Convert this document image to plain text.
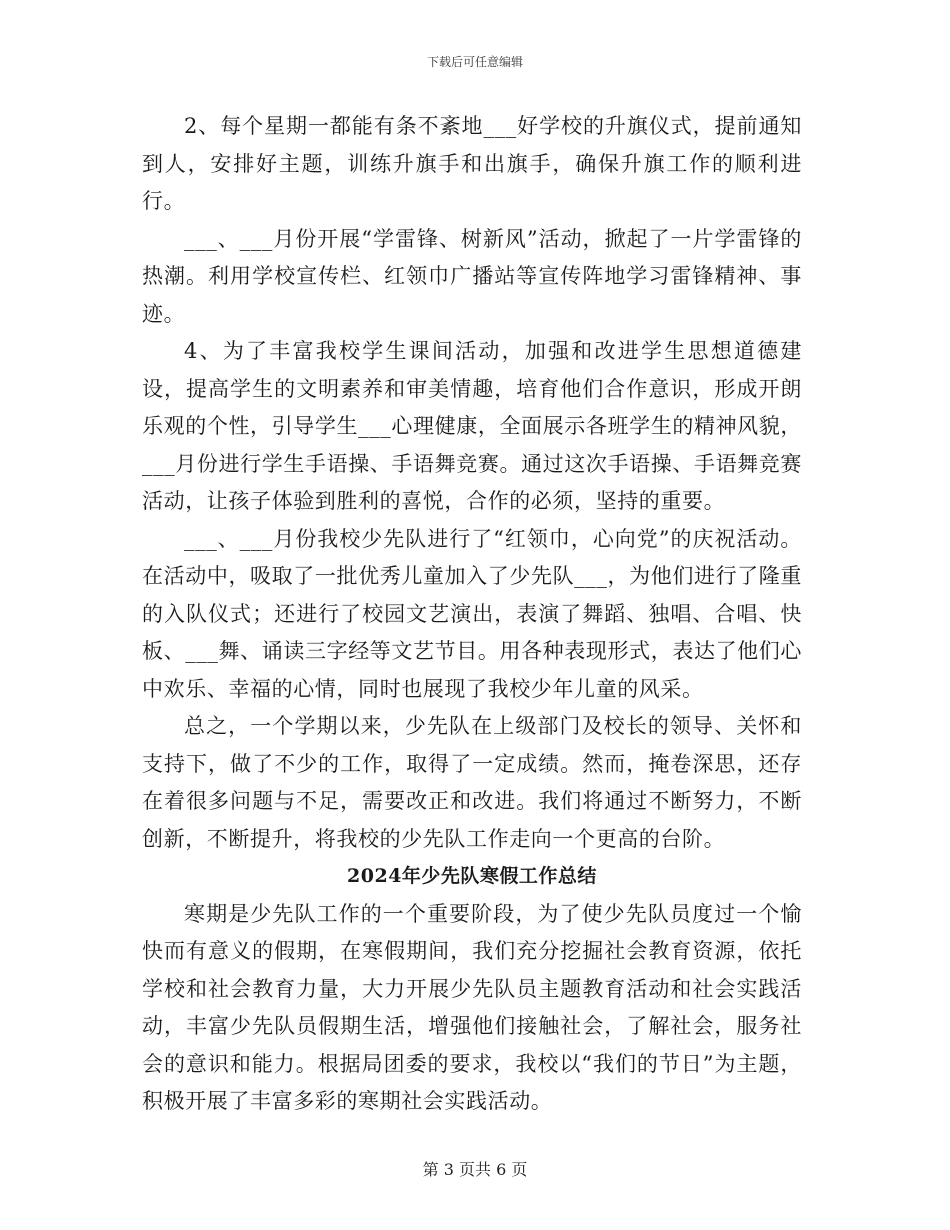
下载后可任意编辑

2、每个星期一都能有条不紊地___好学校的升旗仪式，提前通知到人，安排好主题，训练升旗手和出旗手，确保升旗工作的顺利进行。

___、___月份开展“学雷锋、树新风”活动，掀起了一片学雷锋的热潮。利用学校宣传栏、红领巾广播站等宣传阵地学习雷锋精神、事迹。

4、为了丰富我校学生课间活动，加强和改进学生思想道德建设，提高学生的文明素养和审美情趣，培育他们合作意识，形成开朗乐观的个性，引导学生___心理健康，全面展示各班学生的精神风貌，___月份进行学生手语操、手语舞竞赛。通过这次手语操、手语舞竞赛活动，让孩子体验到胜利的喜悦，合作的必须，坚持的重要。

___、___月份我校少先队进行了“红领巾，心向党”的庆祝活动。在活动中，吸取了一批优秀儿童加入了少先队___，为他们进行了隆重的入队仪式；还进行了校园文艺演出，表演了舞蹈、独唱、合唱、快板、___舞、诵读三字经等文艺节目。用各种表现形式，表达了他们心中欢乐、幸福的心情，同时也展现了我校少年儿童的风采。

总之，一个学期以来，少先队在上级部门及校长的领导、关怀和支持下，做了不少的工作，取得了一定成绩。然而，掩卷深思，还存在着很多问题与不足，需要改正和改进。我们将通过不断努力，不断创新，不断提升，将我校的少先队工作走向一个更高的台阶。

2024年少先队寒假工作总结

寒期是少先队工作的一个重要阶段，为了使少先队员度过一个愉快而有意义的假期，在寒假期间，我们充分挖掘社会教育资源，依托学校和社会教育力量，大力开展少先队员主题教育活动和社会实践活动，丰富少先队员假期生活，增强他们接触社会，了解社会，服务社会的意识和能力。根据局团委的要求，我校以“我们的节日”为主题，积极开展了丰富多彩的寒期社会实践活动。

第 3 页共 6 页
